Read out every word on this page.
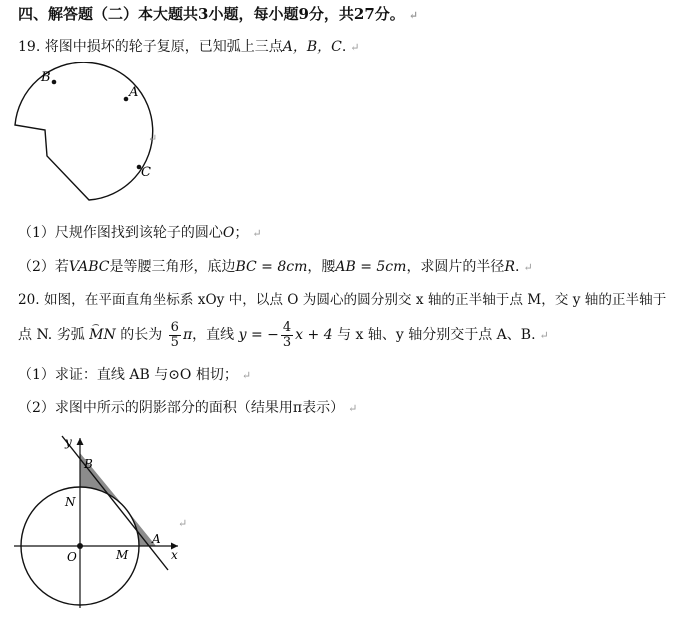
四、解答题（二）本大题共3小题，每小题9分，共27分。 ↵
19. 将图中损坏的轮子复原，已知弧上三点A，B，C. ↵
B
A
C
↵
（1）尺规作图找到该轮子的圆心O； ↵
（2）若VABC是等腰三角形，底边BC = 8cm，腰AB = 5cm，求圆片的半径R. ↵
20. 如图，在平面直角坐标系 xOy 中，以点 O 为圆心的圆分别交 x 轴的正半轴于点 M，交 y 轴的正半轴于
点 N. 劣弧 ⌢ MN 的长为 $\frac{6}{5}$ π，直线 y = − $\frac{4}{3}$ x + 4 与 x 轴、y 轴分别交于点 A、B. ↵
（1）求证：直线 AB 与⊙O 相切； ↵
（2）求图中所示的阴影部分的面积（结果用π表示） ↵
y
x
B
N
O	M
A
↵
